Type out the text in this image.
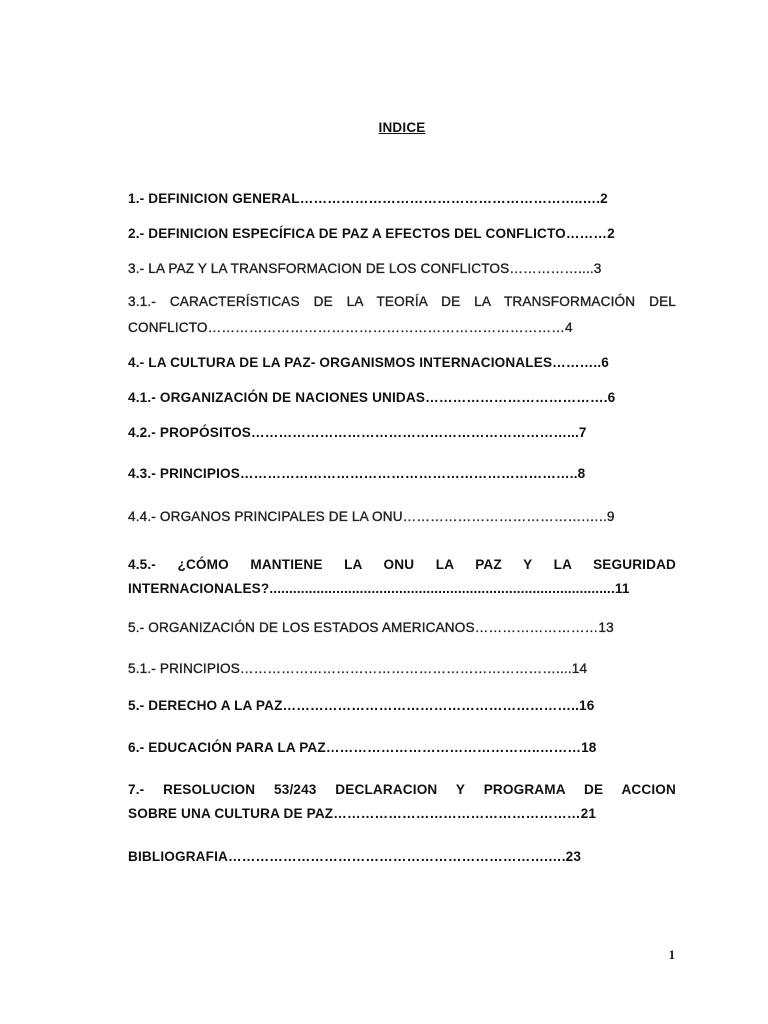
INDICE
1.- DEFINICION GENERAL……………………………………………………..….2
2.- DEFINICION ESPECÍFICA DE PAZ A EFECTOS DEL CONFLICTO………2
3.- LA PAZ Y LA TRANSFORMACION DE LOS CONFLICTOS……………....3
3.1.- CARACTERÍSTICAS DE LA TEORÍA DE LA TRANSFORMACIÓN DEL
CONFLICTO……………………………………………………………………4
4.- LA CULTURA DE LA PAZ- ORGANISMOS INTERNACIONALES………..6
4.1.- ORGANIZACIÓN DE NACIONES UNIDAS………………………………….6
4.2.- PROPÓSITOS……………………………………………………………...7
4.3.- PRINCIPIOS………………………………………………………………..8
4.4.- ORGANOS PRINCIPALES DE LA ONU………………………………….…..9
4.5.- ¿CÓMO MANTIENE LA ONU LA PAZ Y LA SEGURIDAD
INTERNACIONALES?........................................................................................11
5.- ORGANIZACIÓN DE LOS ESTADOS AMERICANOS………………………13
5.1.- PRINCIPIOS……………………………………………………………....14
5.- DERECHO A LA PAZ………………………………………………………..16
6.- EDUCACIÓN PARA LA PAZ………………………………………..………18
7.- RESOLUCION 53/243 DECLARACION Y PROGRAMA DE ACCION
SOBRE UNA CULTURA DE PAZ………………………………………………21
BIBLIOGRAFIA…………………………………………………………….….23
1
